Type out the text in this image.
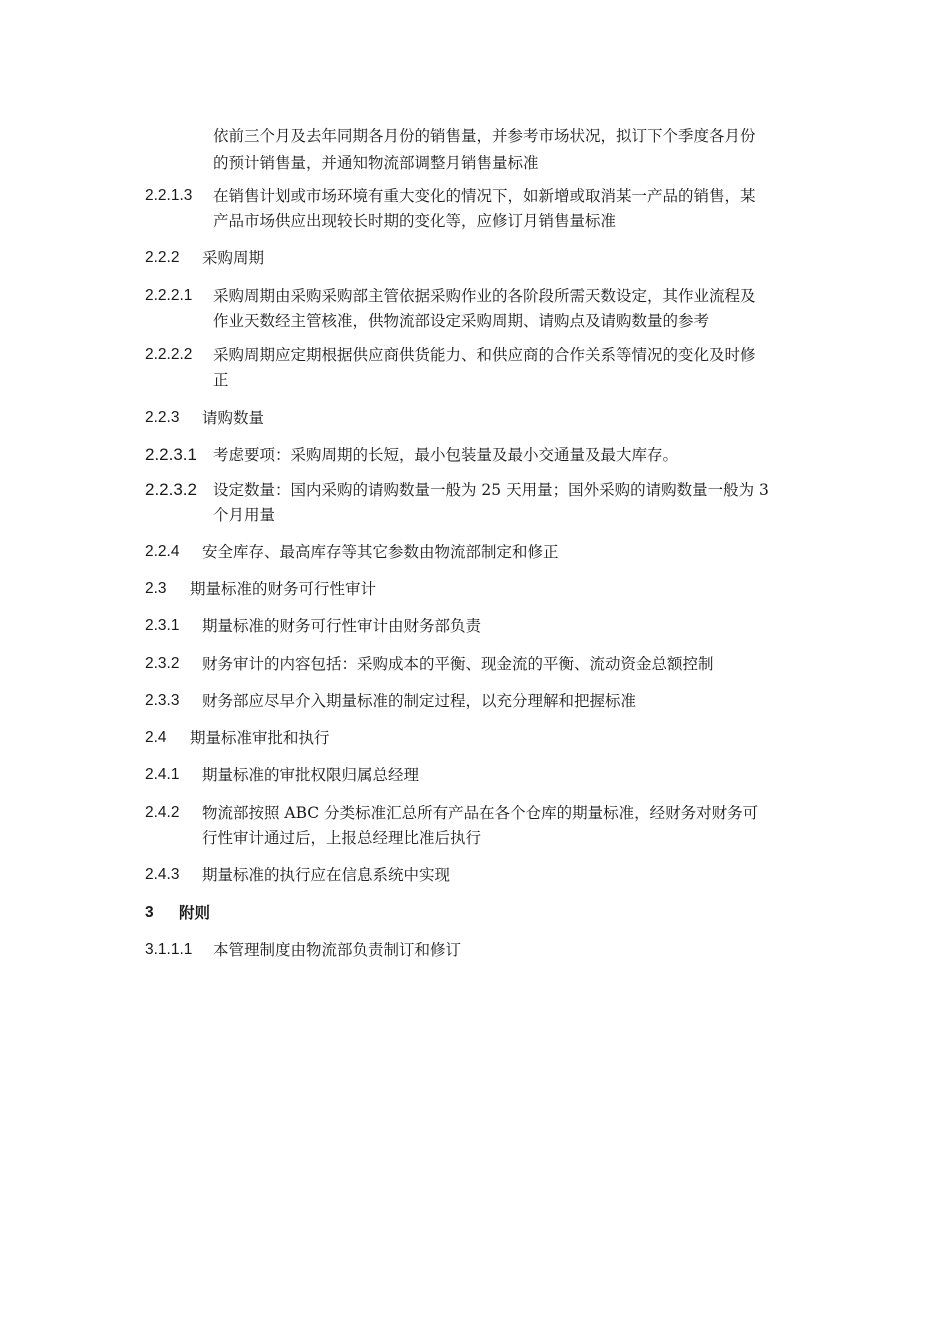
依前三个月及去年同期各月份的销售量，并参考市场状况，拟订下个季度各月份
的预计销售量，并通知物流部调整月销售量标准
2.2.1.3 在销售计划或市场环境有重大变化的情况下，如新增或取消某一产品的销售，某
产品市场供应出现较长时期的变化等，应修订月销售量标准
2.2.2 采购周期
2.2.2.1 采购周期由采购采购部主管依据采购作业的各阶段所需天数设定，其作业流程及
作业天数经主管核准，供物流部设定采购周期、请购点及请购数量的参考
2.2.2.2 采购周期应定期根据供应商供货能力、和供应商的合作关系等情况的变化及时修
正
2.2.3 请购数量
2.2.3.1 考虑要项：采购周期的长短，最小包装量及最小交通量及最大库存。
2.2.3.2 设定数量：国内采购的请购数量一般为 25 天用量；国外采购的请购数量一般为 3
个月用量
2.2.4 安全库存、最高库存等其它参数由物流部制定和修正
2.3 期量标准的财务可行性审计
2.3.1 期量标准的财务可行性审计由财务部负责
2.3.2 财务审计的内容包括：采购成本的平衡、现金流的平衡、流动资金总额控制
2.3.3 财务部应尽早介入期量标准的制定过程，以充分理解和把握标准
2.4 期量标准审批和执行
2.4.1 期量标准的审批权限归属总经理
2.4.2 物流部按照 ABC 分类标准汇总所有产品在各个仓库的期量标准，经财务对财务可
行性审计通过后，上报总经理比准后执行
2.4.3 期量标准的执行应在信息系统中实现
3 附则
3.1.1.1 本管理制度由物流部负责制订和修订
